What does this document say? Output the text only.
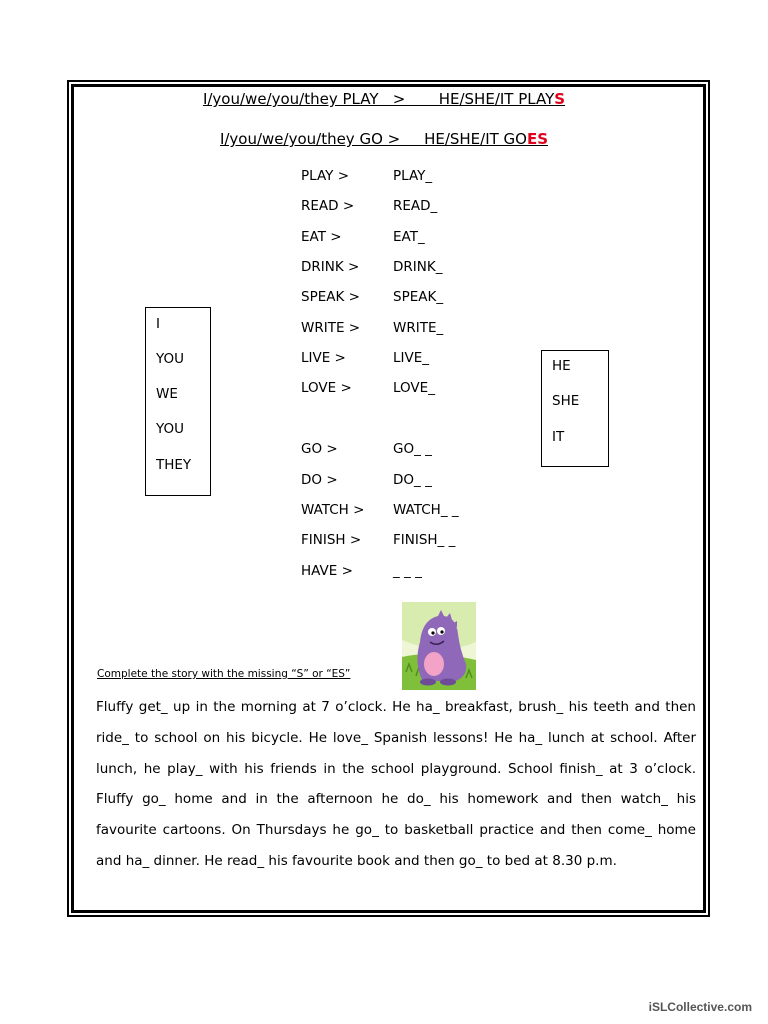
I/you/we/you/they PLAY   >       HE/SHE/IT PLAYS
I/you/we/you/they GO >     HE/SHE/IT GOES
PLAY >	PLAY_
READ >	READ_
EAT >	EAT_
DRINK > DRINK_
SPEAK > SPEAK_
WRITE > WRITE_
LIVE >	LIVE_
LOVE >	LOVE_
GO >	GO_ _
DO >	DO_ _
WATCH > WATCH_ _
FINISH > FINISH_ _
HAVE >	_ _ _
I
YOU
WE
YOU
THEY
HE
SHE
IT
Complete the story with the missing “S” or “ES”
Fluffy get_ up in the morning at 7 o’clock. He ha_ breakfast, brush_ his teeth and then ride_ to school on his bicycle. He love_ Spanish lessons! He ha_ lunch at school. After lunch, he play_ with his friends in the school playground. School finish_ at 3 o’clock. Fluffy go_ home and in the afternoon he do_ his homework and then watch_ his favourite cartoons. On Thursdays he go_ to basketball practice and then come_ home and ha_ dinner. He read_ his favourite book and then go_ to bed at 8.30 p.m.
iSLCollective.com
